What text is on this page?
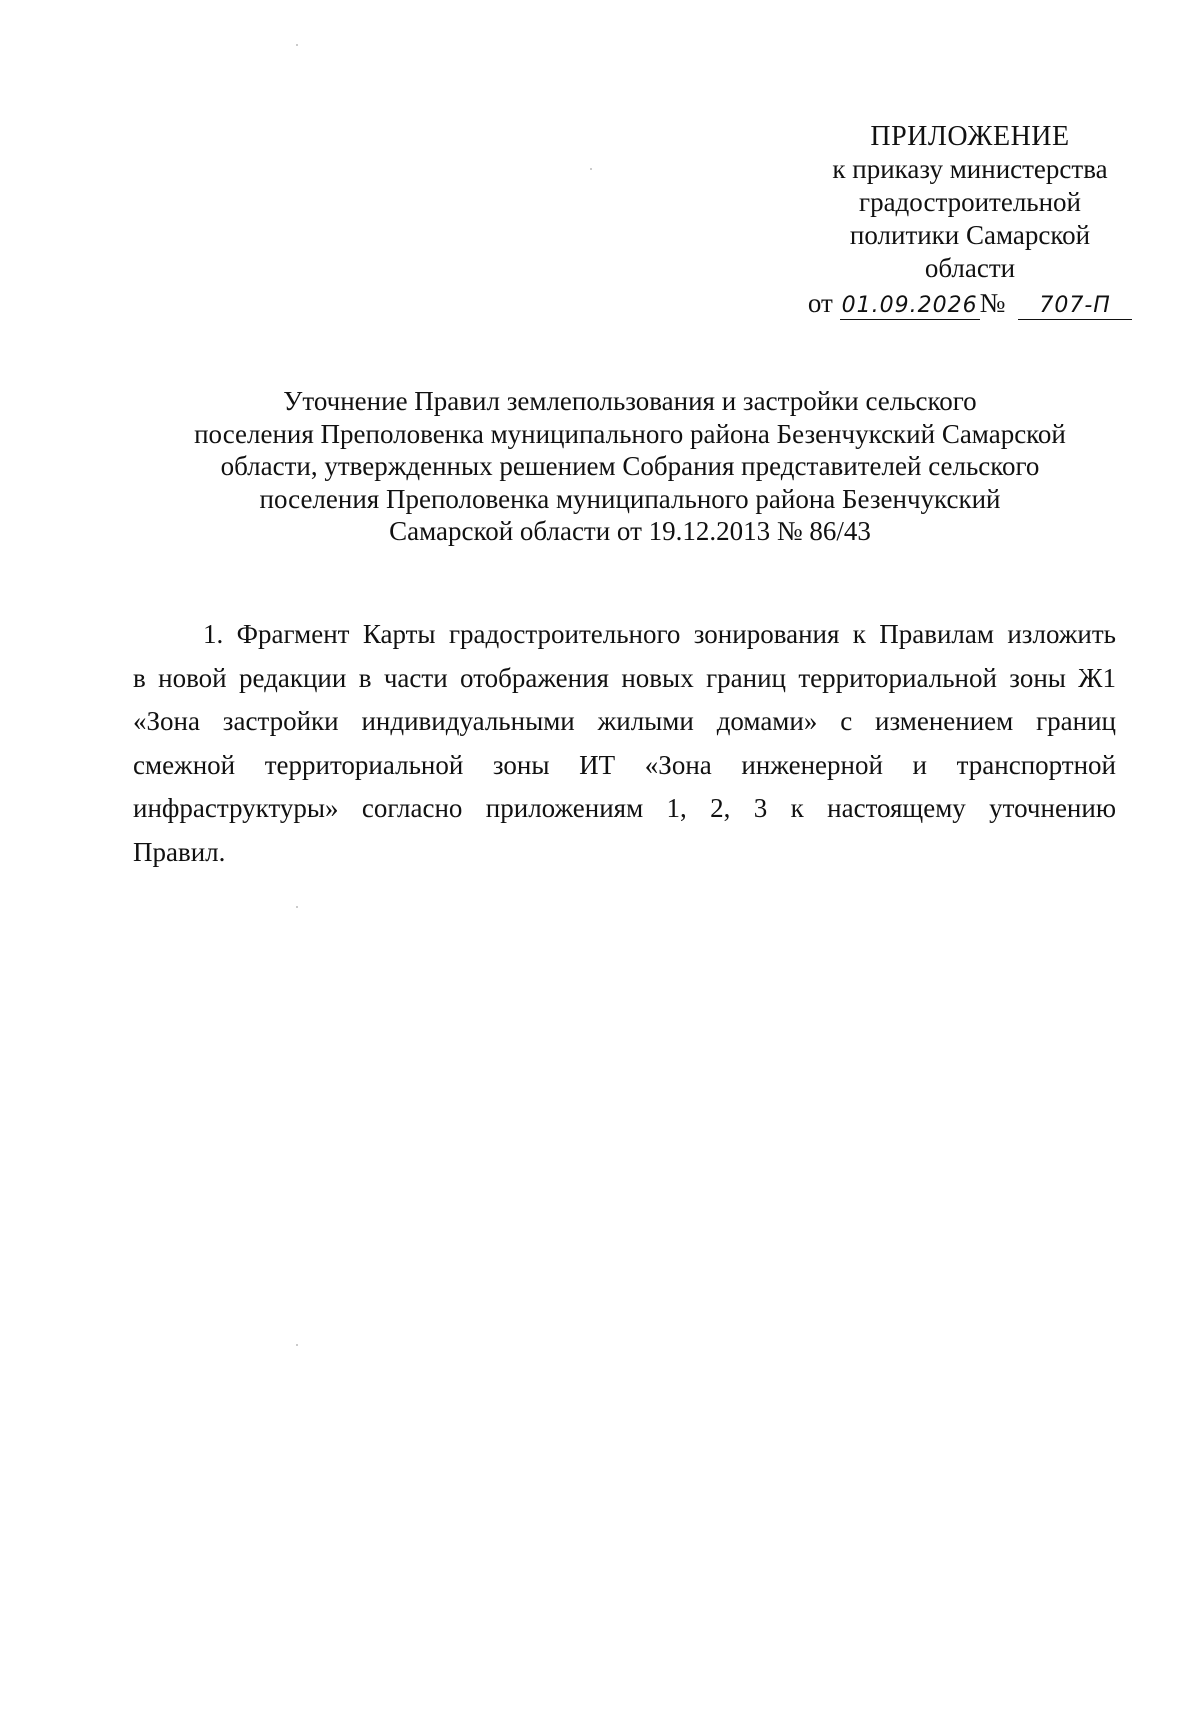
ПРИЛОЖЕНИЕ
к приказу министерства
градостроительной
политики Самарской
области
от 01.09.2026№ 707-П
Уточнение Правил землепользования и застройки сельского
поселения Преполовенка муниципального района Безенчукский Самарской
области, утвержденных решением Собрания представителей сельского
поселения Преполовенка муниципального района Безенчукский
Самарской области от 19.12.2013 № 86/43
1. Фрагмент Карты градостроительного зонирования к Правилам изложить
в новой редакции в части отображения новых границ территориальной зоны Ж1
«Зона застройки индивидуальными жилыми домами» с изменением границ
смежной территориальной зоны ИТ «Зона инженерной и транспортной
инфраструктуры» согласно приложениям 1, 2, 3 к настоящему уточнению
Правил.
